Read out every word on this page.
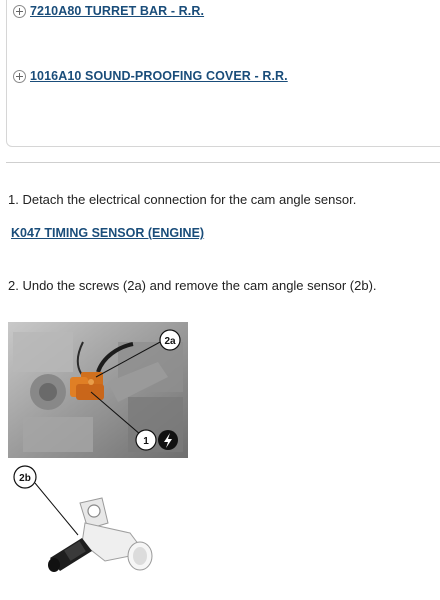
7210A80 TURRET BAR - R.R.
1016A10 SOUND-PROOFING COVER - R.R.
1. Detach the electrical connection for the cam angle sensor.
K047 TIMING SENSOR (ENGINE)
2. Undo the screws (2a) and remove the cam angle sensor (2b).
2a
1
2b
